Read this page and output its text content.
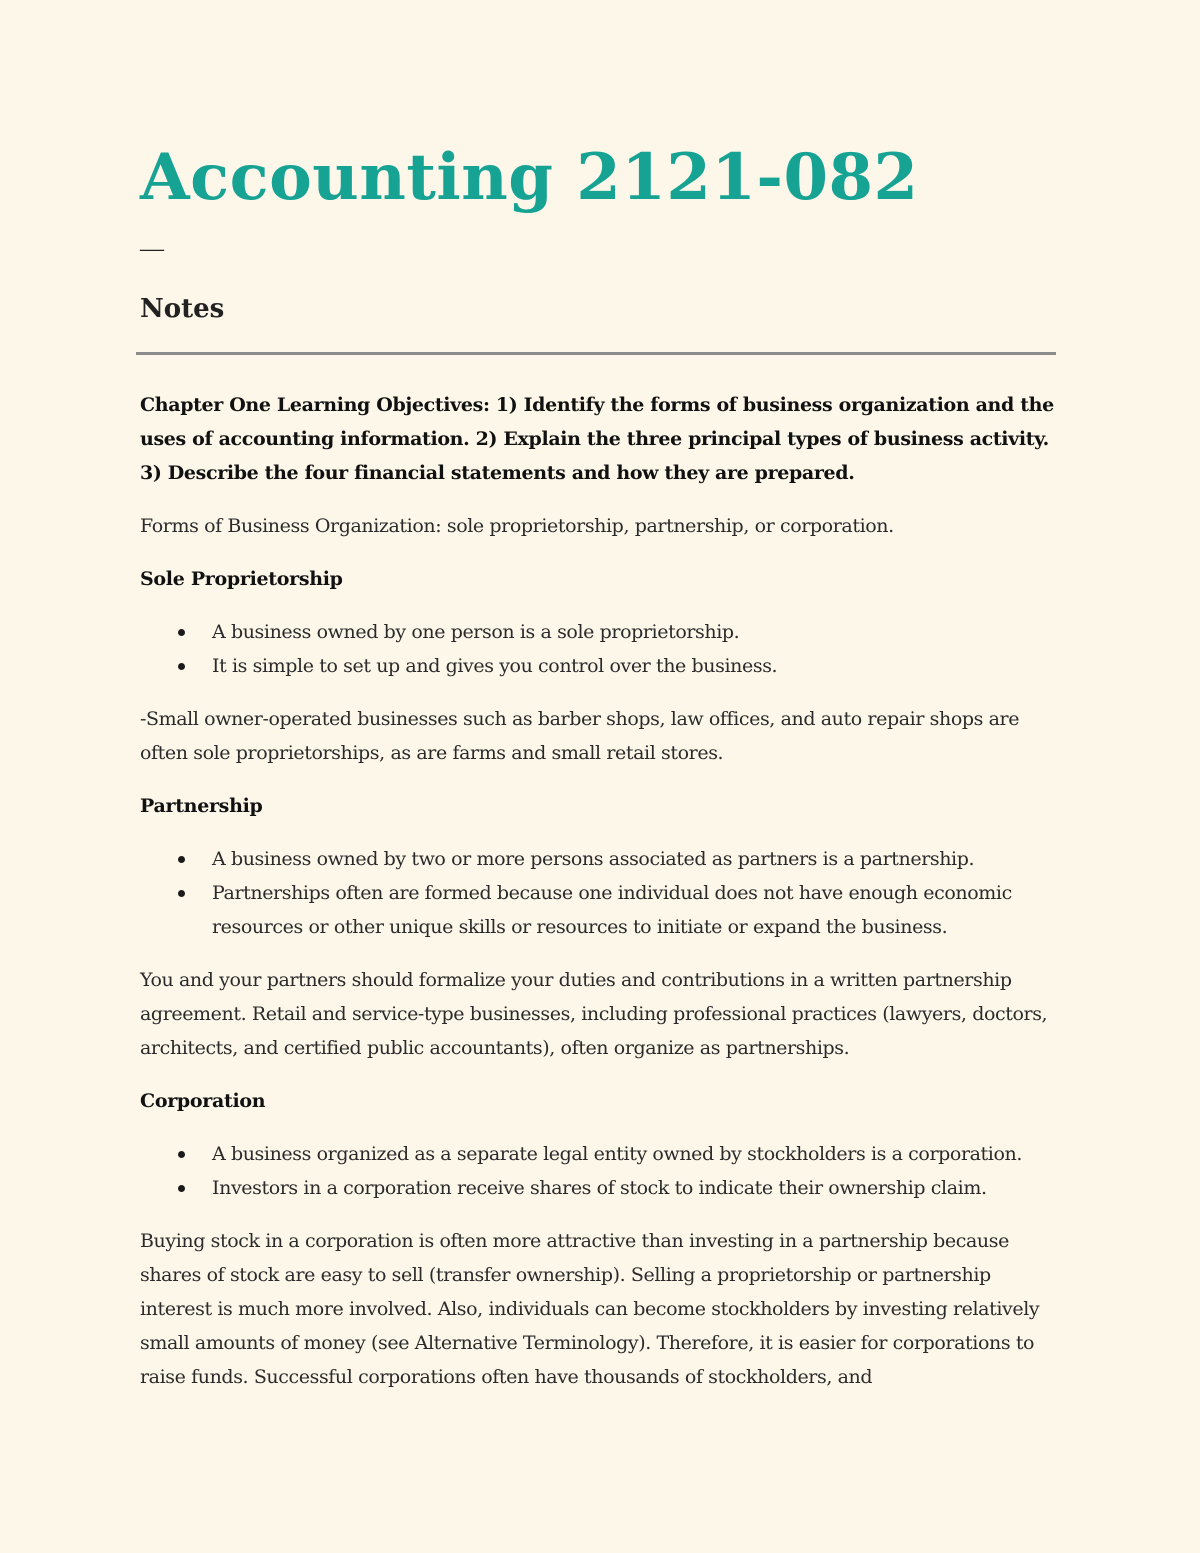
Accounting 2121-082
—
Notes

Chapter One Learning Objectives: 1) Identify the forms of business organization and the uses of accounting information. 2) Explain the three principal types of business activity. 3) Describe the four financial statements and how they are prepared.

Forms of Business Organization: sole proprietorship, partnership, or corporation.

Sole Proprietorship

A business owned by one person is a sole proprietorship.
It is simple to set up and gives you control over the business.

-Small owner-operated businesses such as barber shops, law offices, and auto repair shops are often sole proprietorships, as are farms and small retail stores.

Partnership

A business owned by two or more persons associated as partners is a partnership.
Partnerships often are formed because one individual does not have enough economic resources or other unique skills or resources to initiate or expand the business.

You and your partners should formalize your duties and contributions in a written partnership agreement. Retail and service-type businesses, including professional practices (lawyers, doctors, architects, and certified public accountants), often organize as partnerships.

Corporation

A business organized as a separate legal entity owned by stockholders is a corporation.
Investors in a corporation receive shares of stock to indicate their ownership claim.

Buying stock in a corporation is often more attractive than investing in a partnership because shares of stock are easy to sell (transfer ownership). Selling a proprietorship or partnership interest is much more involved. Also, individuals can become stockholders by investing relatively small amounts of money (see Alternative Terminology). Therefore, it is easier for corporations to raise funds. Successful corporations often have thousands of stockholders, and
